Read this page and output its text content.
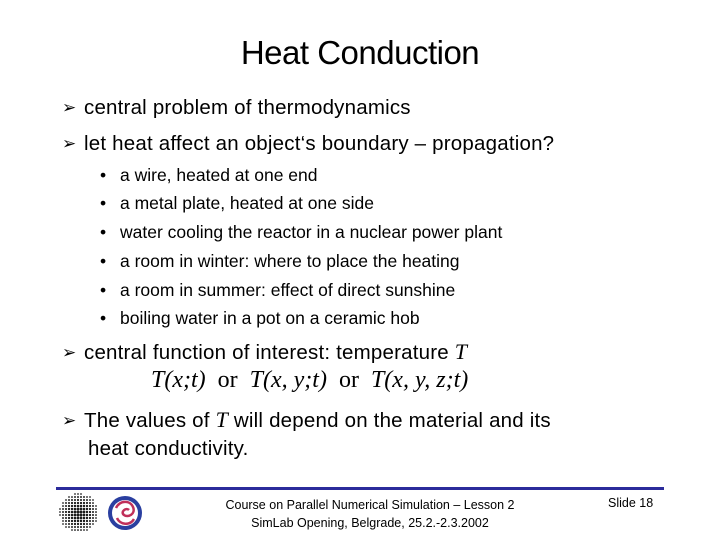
Heat Conduction
➢ central problem of thermodynamics
➢ let heat affect an object‘s boundary – propagation?
• a wire, heated at one end
• a metal plate, heated at one side
• water cooling the reactor in a nuclear power plant
• a room in winter: where to place the heating
• a room in summer: effect of direct sunshine
• boiling water in a pot on a ceramic hob
➢ central function of interest: temperature T
T(x;t) or T(x, y;t) or T(x, y, z;t)
➢ The values of T will depend on the material and its
heat conductivity.
Course on Parallel Numerical Simulation – Lesson 2
SimLab Opening, Belgrade, 25.2.-2.3.2002
Slide 18
